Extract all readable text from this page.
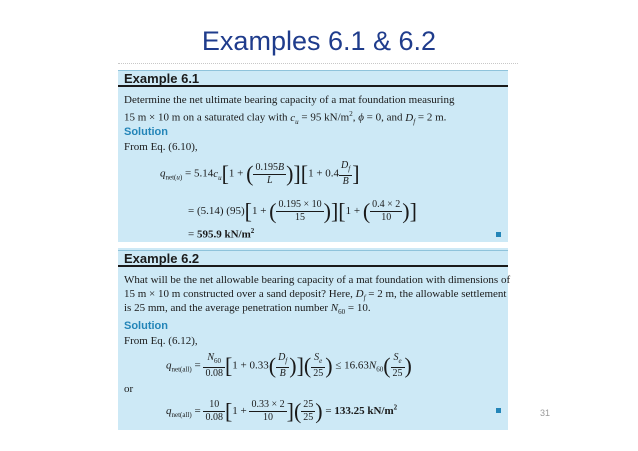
Examples 6.1 & 6.2
Example 6.1
Determine the net ultimate bearing capacity of a mat foundation measuring
15 m × 10 m on a saturated clay with $c_u = 95$ $kN/m^2$, ϕ = 0, and $D_f = 2$ m.
Solution
From Eq. (6.10),
$q_{net(u)} = 5.14c_u[1$ + ( $\frac{0.195B}{L} )][1 + 0.4 \frac{D_f}{B}$ ]
= (5.14) (95)[1 + ( $\frac{0.195 \times 10}{15} )][1$ + ( $\frac{0.4 \times 2}{10}$ )]
= 595.9 $kN/m^2$
Example 6.2
What will be the net allowable bearing capacity of a mat foundation with dimensions of
15 m × 10 m constructed over a sand deposit? Here, $D_f = 2$ m, the allowable settlement
is 25 mm, and the average penetration number $N_{60} = 10$.
Solution
From Eq. (6.12),
$q_{net(all)} = \frac{N_{60}}{0.08} [1 + 0.33( \frac{D_f}{B}$ )]( $\frac{S_e}{25}$ ) ≤ $16.63N_{60}( \frac{S_e}{25}$ )
or
$q_{net(all)} = \frac{10}{0.08} [1 + \frac{0.33 \times 2}{10}$ ]( $\frac{25}{25}$ ) = 133.25 $kN/m^2$
31
